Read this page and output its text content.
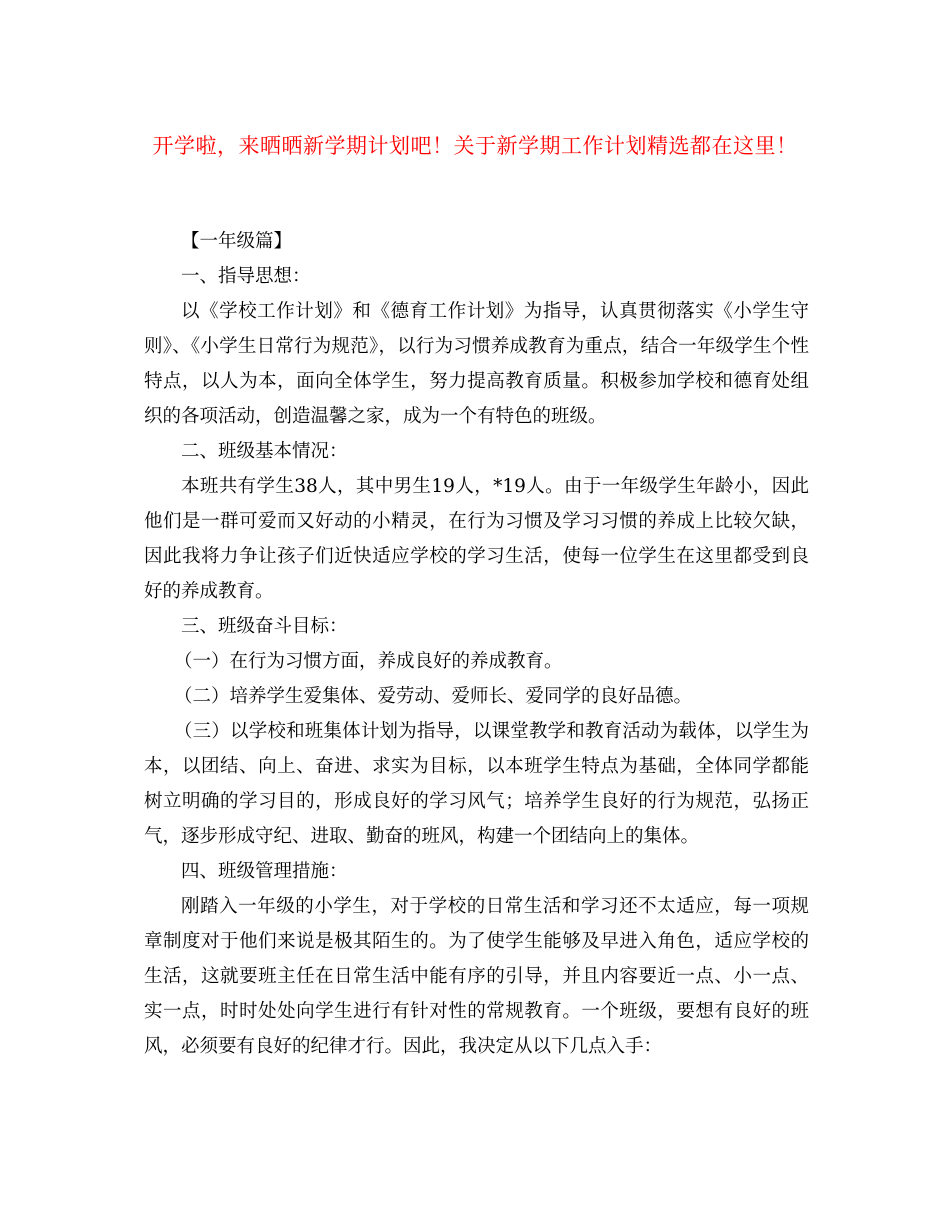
开学啦，来晒晒新学期计划吧！关于新学期工作计划精选都在这里！

【一年级篇】

一、指导思想：

以《学校工作计划》和《德育工作计划》为指导，认真贯彻落实《小学生守则》、《小学生日常行为规范》，以行为习惯养成教育为重点，结合一年级学生个性特点，以人为本，面向全体学生，努力提高教育质量。积极参加学校和德育处组织的各项活动，创造温馨之家，成为一个有特色的班级。

二、班级基本情况：

本班共有学生38人，其中男生19人，*19人。由于一年级学生年龄小，因此他们是一群可爱而又好动的小精灵，在行为习惯及学习习惯的养成上比较欠缺，因此我将力争让孩子们近快适应学校的学习生活，使每一位学生在这里都受到良好的养成教育。

三、班级奋斗目标：

（一）在行为习惯方面，养成良好的养成教育。

（二）培养学生爱集体、爱劳动、爱师长、爱同学的良好品德。

（三）以学校和班集体计划为指导，以课堂教学和教育活动为载体，以学生为本，以团结、向上、奋进、求实为目标，以本班学生特点为基础，全体同学都能树立明确的学习目的，形成良好的学习风气；培养学生良好的行为规范，弘扬正气，逐步形成守纪、进取、勤奋的班风，构建一个团结向上的集体。

四、班级管理措施：

刚踏入一年级的小学生，对于学校的日常生活和学习还不太适应，每一项规章制度对于他们来说是极其陌生的。为了使学生能够及早进入角色，适应学校的生活，这就要班主任在日常生活中能有序的引导，并且内容要近一点、小一点、实一点，时时处处向学生进行有针对性的常规教育。一个班级，要想有良好的班风，必须要有良好的纪律才行。因此，我决定从以下几点入手：
